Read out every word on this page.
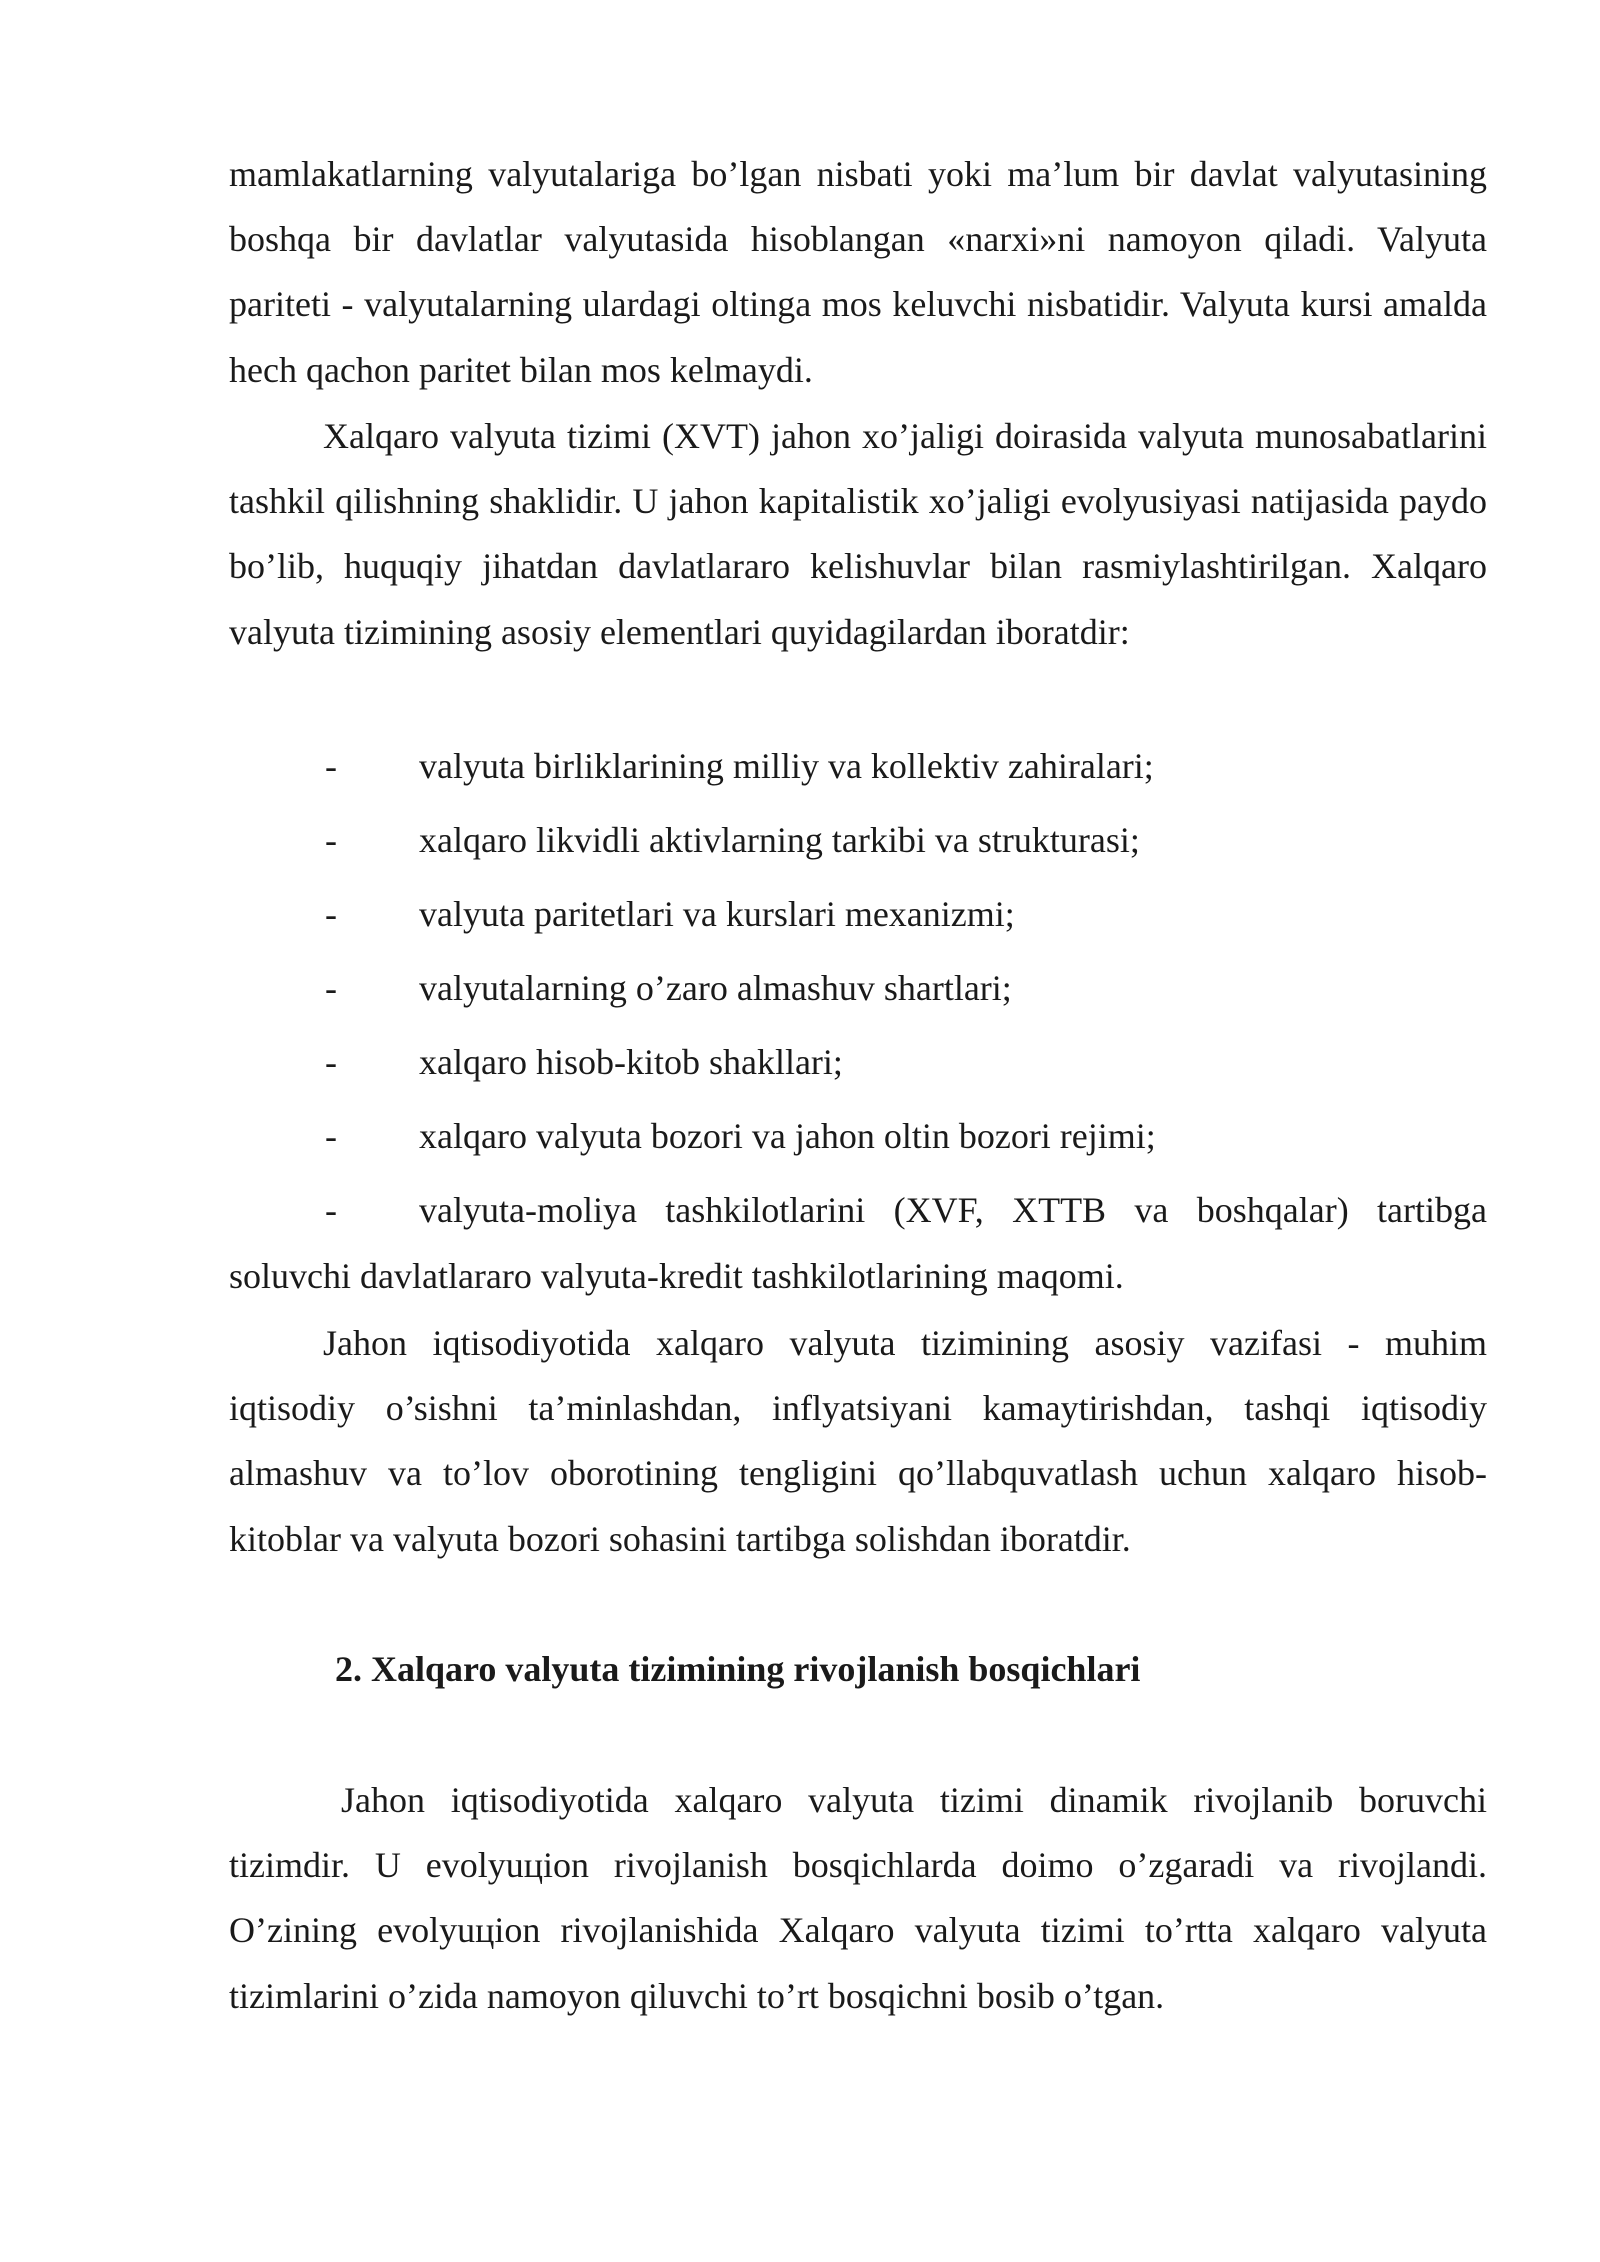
mamlakatlarning valyutalariga bo’lgan nisbati yoki ma’lum bir davlat valyutasining boshqa bir davlatlar valyutasida hisoblangan «narxi»ni namoyon qiladi. Valyuta pariteti - valyutalarning ulardagi oltinga mos keluvchi nisbatidir. Valyuta kursi amalda hech qachon paritet bilan mos kelmaydi.

Xalqaro valyuta tizimi (XVT) jahon xo’jaligi doirasida valyuta munosabatlarini tashkil qilishning shaklidir. U jahon kapitalistik xo’jaligi evolyusiyasi natijasida paydo bo’lib, huquqiy jihatdan davlatlararo kelishuvlar bilan rasmiylashtirilgan. Xalqaro valyuta tizimining asosiy elementlari quyidagilardan iboratdir:

- valyuta birliklarining milliy va kollektiv zahiralari;
- xalqaro likvidli aktivlarning tarkibi va strukturasi;
- valyuta paritetlari va kurslari mexanizmi;
- valyutalarning o’zaro almashuv shartlari;
- xalqaro hisob-kitob shakllari;
- xalqaro valyuta bozori va jahon oltin bozori rejimi;
-	valyuta-moliya tashkilotlarini (XVF, XTTB va boshqalar) tartibga soluvchi davlatlararo valyuta-kredit tashkilotlarining maqomi.

Jahon iqtisodiyotida xalqaro valyuta tizimining asosiy vazifasi - muhim iqtisodiy o’sishni ta’minlashdan, inflyatsiyani kamaytirishdan, tashqi iqtisodiy almashuv va to’lov oborotining tengligini qo’llabquvatlash uchun xalqaro hisob-kitoblar va valyuta bozori sohasini tartibga solishdan iboratdir.

2. Xalqaro valyuta tizimining rivojlanish bosqichlari

Jahon iqtisodiyotida xalqaro valyuta tizimi dinamik rivojlanib boruvchi tizimdir. U evolyuцion rivojlanish bosqichlarda doimo o’zgaradi va rivojlandi. O’zining evolyuцion rivojlanishida Xalqaro valyuta tizimi to’rtta xalqaro valyuta tizimlarini o’zida namoyon qiluvchi to’rt bosqichni bosib o’tgan.
